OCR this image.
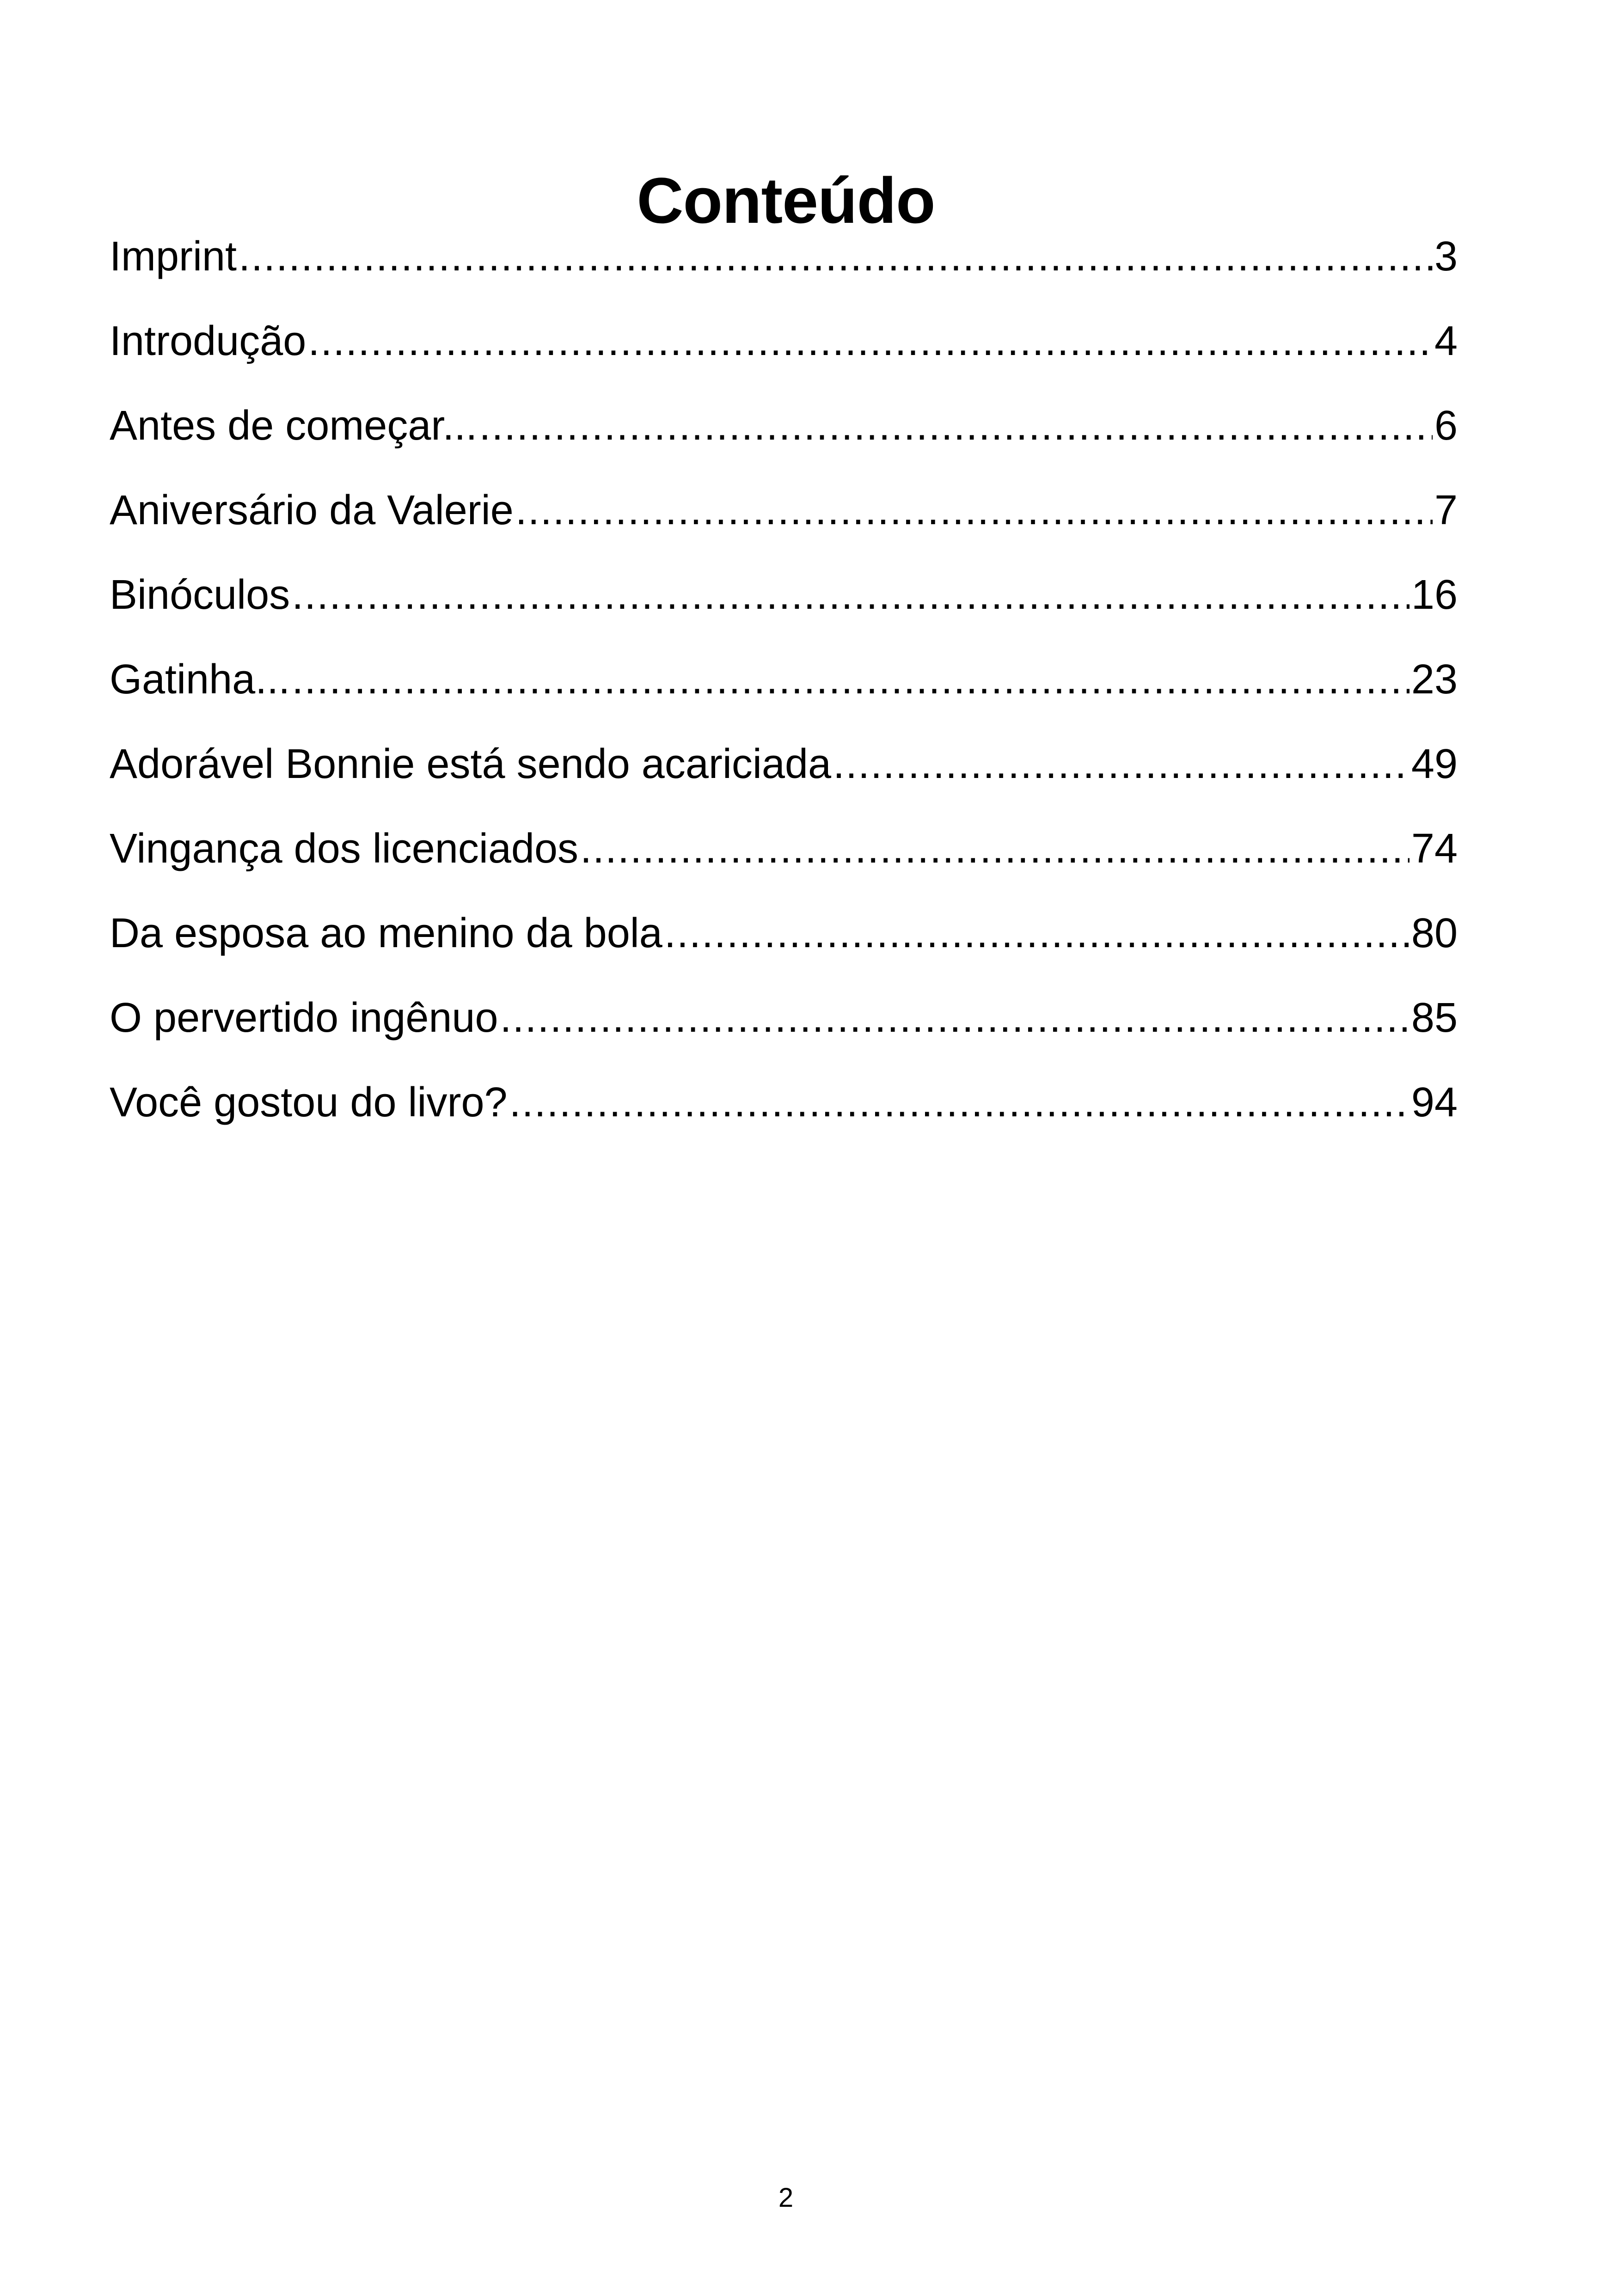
Conteúdo
Imprint .....	3
Introdução .....	4
Antes de começar... .....	6
Aniversário da Valerie .....	7
Binóculos .....	16
Gatinha... .....	23
Adorável Bonnie está sendo acariciada .....	49
Vingança dos licenciados .....	74
Da esposa ao menino da bola .....	80
O pervertido ingênuo .....	85
Você gostou do livro? .....	94
2
